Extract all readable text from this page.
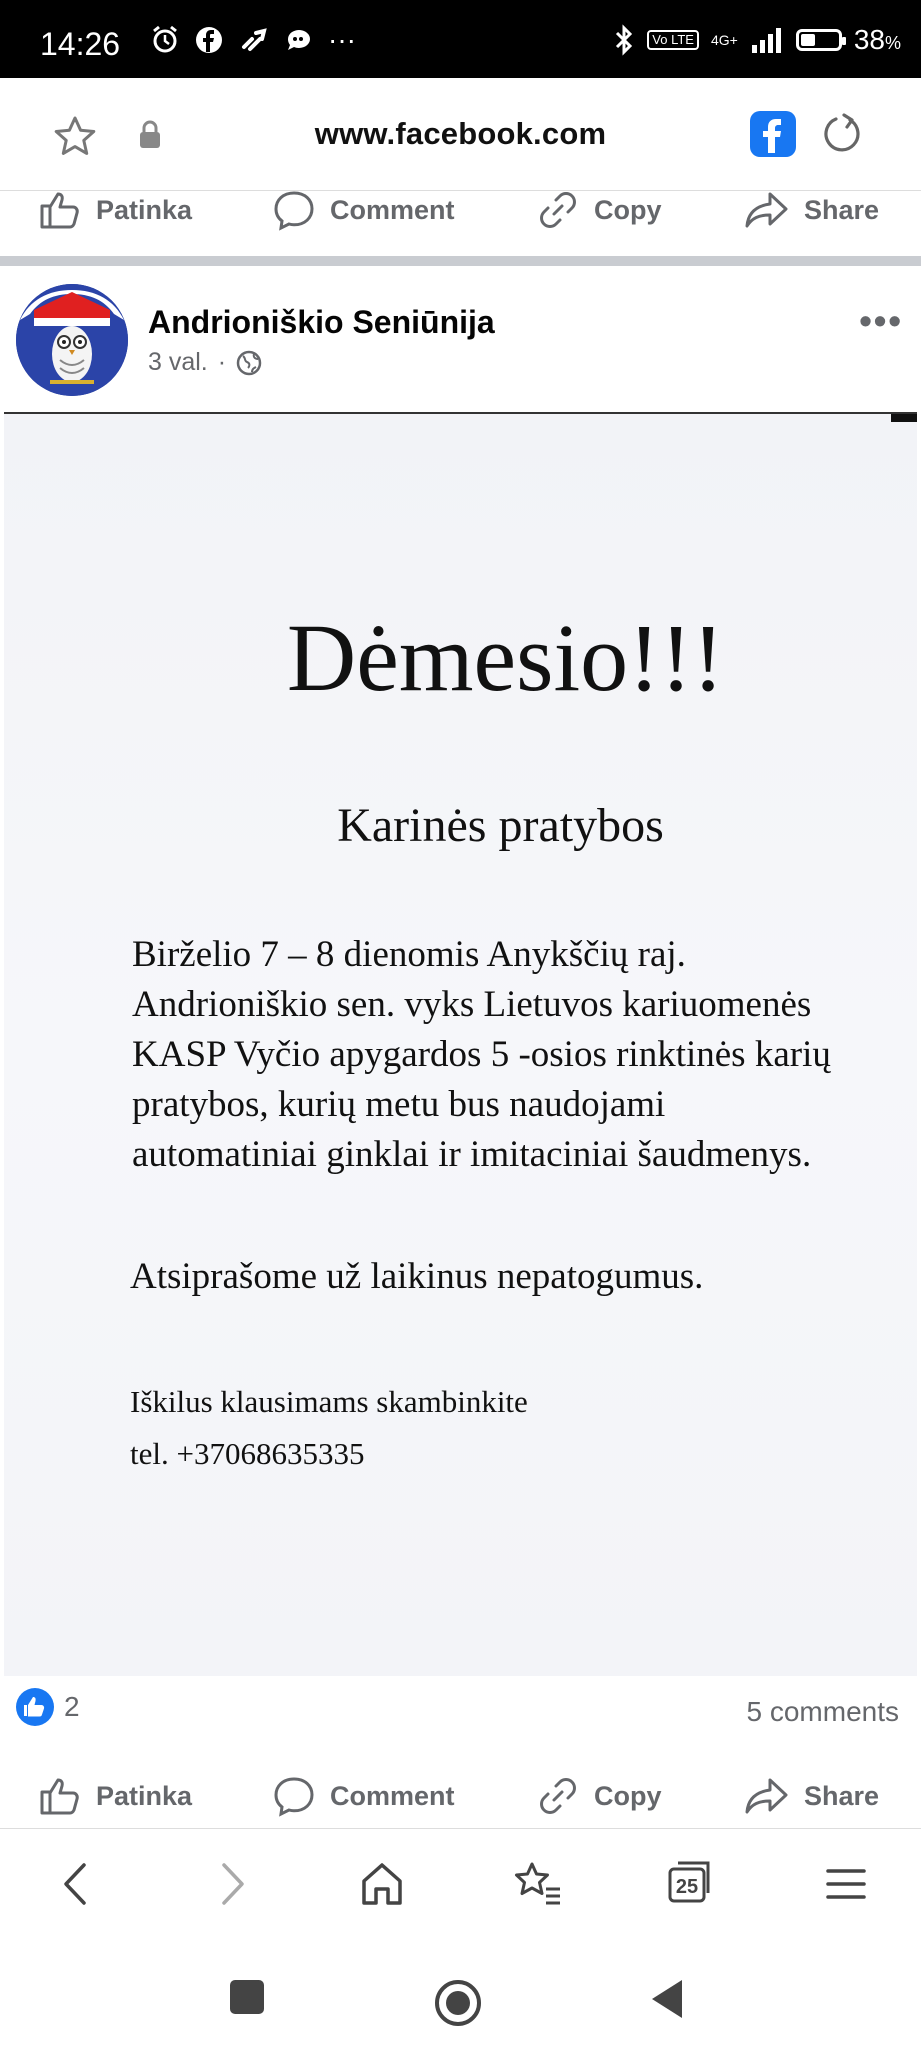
14:26	···	Vo LTE	4G+	38%
www.facebook.com
Patinka	Comment	Copy	Share
Andrioniškio Seniūnija
3 val. ·
•••
Dėmesio!!!
Karinės pratybos
Birželio 7 – 8 dienomis Anykščių raj. Andrioniškio sen. vyks Lietuvos kariuomenės KASP Vyčio apygardos 5 -osios rinktinės karių pratybos, kurių metu bus naudojami automatiniai ginklai ir imitaciniai šaudmenys.
Atsiprašome už laikinus nepatogumus.
Iškilus klausimams skambinkite
tel. +37068635335
2	5 comments
Patinka	Comment	Copy	Share
25
